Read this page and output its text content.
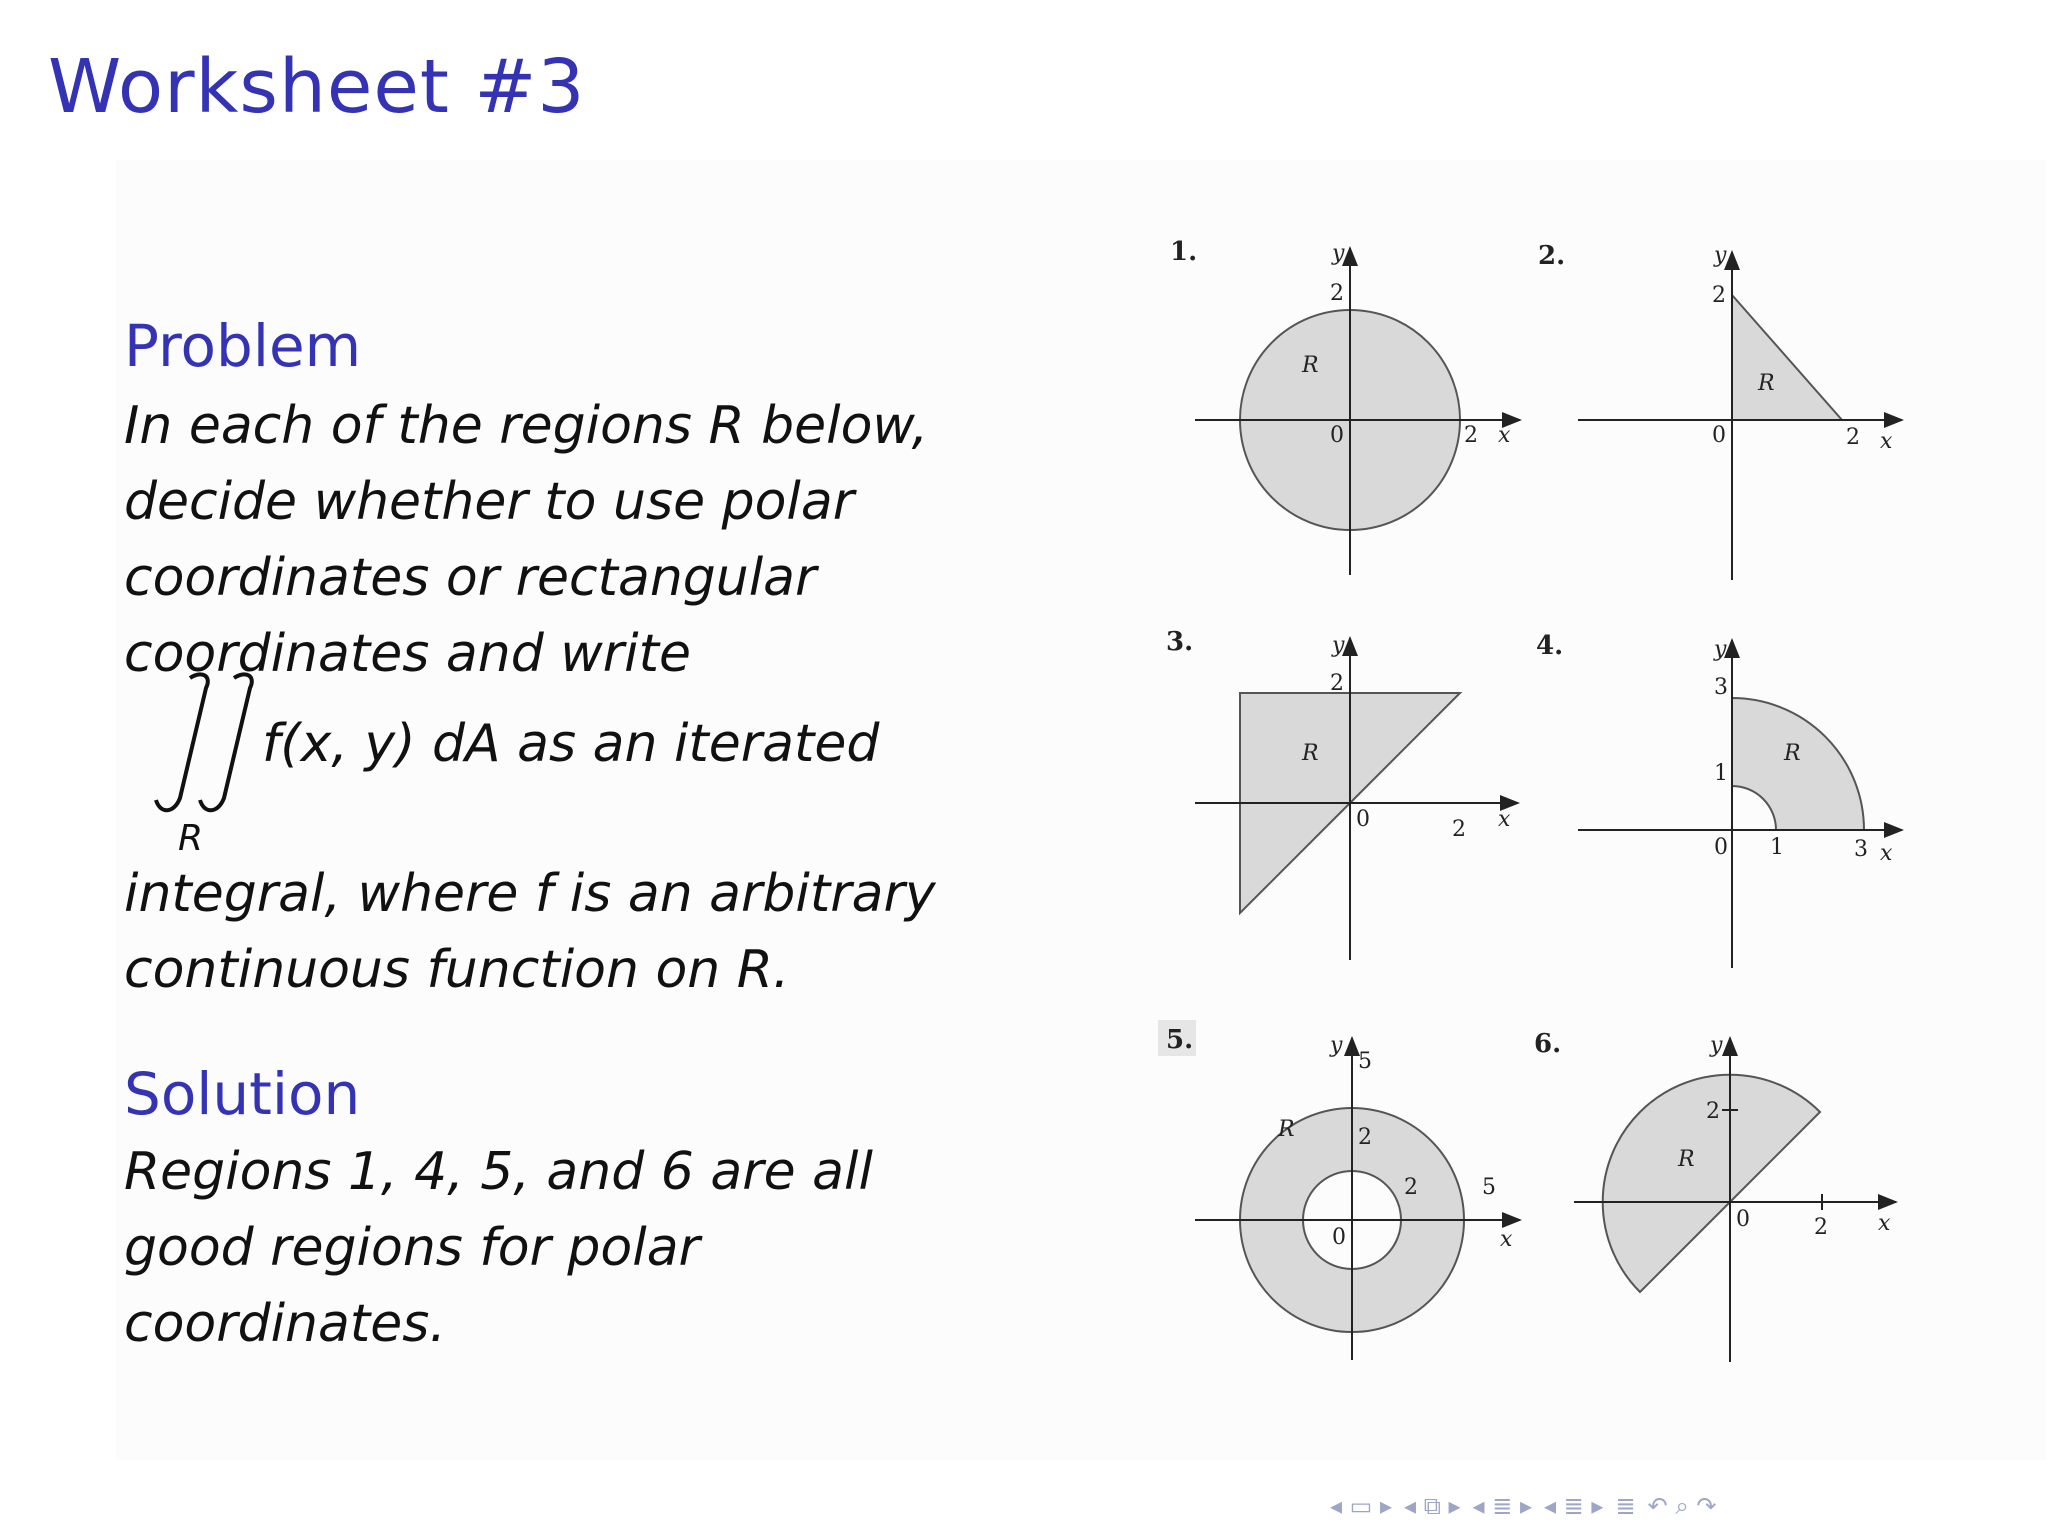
Worksheet #3
Problem
In each of the regions R below,
decide whether to use polar
coordinates or rectangular
coordinates and write
R
f(x, y) dA as an iterated
integral, where f is an arbitrary
continuous function on R.
Solution
Regions 1, 4, 5, and 6 are all
good regions for polar
coordinates.
1.	y
2
2 x
0
R
2.	y
2
2 x
0
R
3.	y
2
2 x
0
R
4.	y
3
1
1	3 x
0
R
5.	y
5
2
2	5
x
0
R
6.	y
2
2 x
0
R
◂ ▭ ▸ ◂ ⧉ ▸ ◂ ≣ ▸ ◂ ≣ ▸ ≣ ↶ ⌕ ↷
